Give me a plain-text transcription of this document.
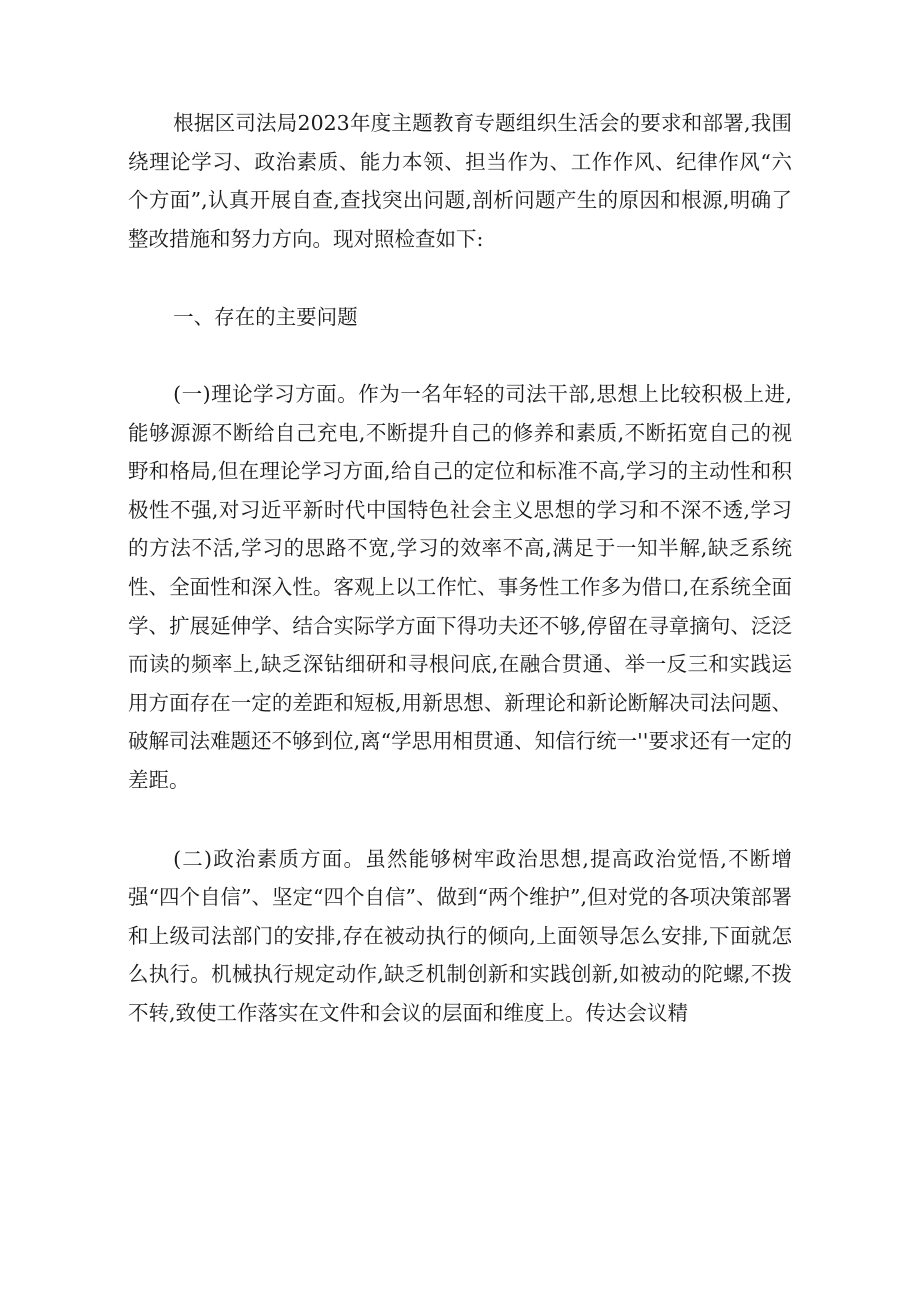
根据区司法局2023年度主题教育专题组织生活会的要求和部署,我围绕理论学习、政治素质、能力本领、担当作为、工作作风、纪律作风“六个方面”,认真开展自查,查找突出问题,剖析问题产生的原因和根源,明确了整改措施和努力方向。现对照检查如下:

一、存在的主要问题

(一)理论学习方面。作为一名年轻的司法干部,思想上比较积极上进,能够源源不断给自己充电,不断提升自己的修养和素质,不断拓宽自己的视野和格局,但在理论学习方面,给自己的定位和标准不高,学习的主动性和积极性不强,对习近平新时代中国特色社会主义思想的学习和不深不透,学习的方法不活,学习的思路不宽,学习的效率不高,满足于一知半解,缺乏系统性、全面性和深入性。客观上以工作忙、事务性工作多为借口,在系统全面学、扩展延伸学、结合实际学方面下得功夫还不够,停留在寻章摘句、泛泛而读的频率上,缺乏深钻细研和寻根问底,在融合贯通、举一反三和实践运用方面存在一定的差距和短板,用新思想、新理论和新论断解决司法问题、破解司法难题还不够到位,离“学思用相贯通、知信行统一''要求还有一定的差距。

(二)政治素质方面。虽然能够树牢政治思想,提高政治觉悟,不断增强“四个自信”、坚定“四个自信”、做到“两个维护”,但对党的各项决策部署和上级司法部门的安排,存在被动执行的倾向,上面领导怎么安排,下面就怎么执行。机械执行规定动作,缺乏机制创新和实践创新,如被动的陀螺,不拨不转,致使工作落实在文件和会议的层面和维度上。传达会议精
